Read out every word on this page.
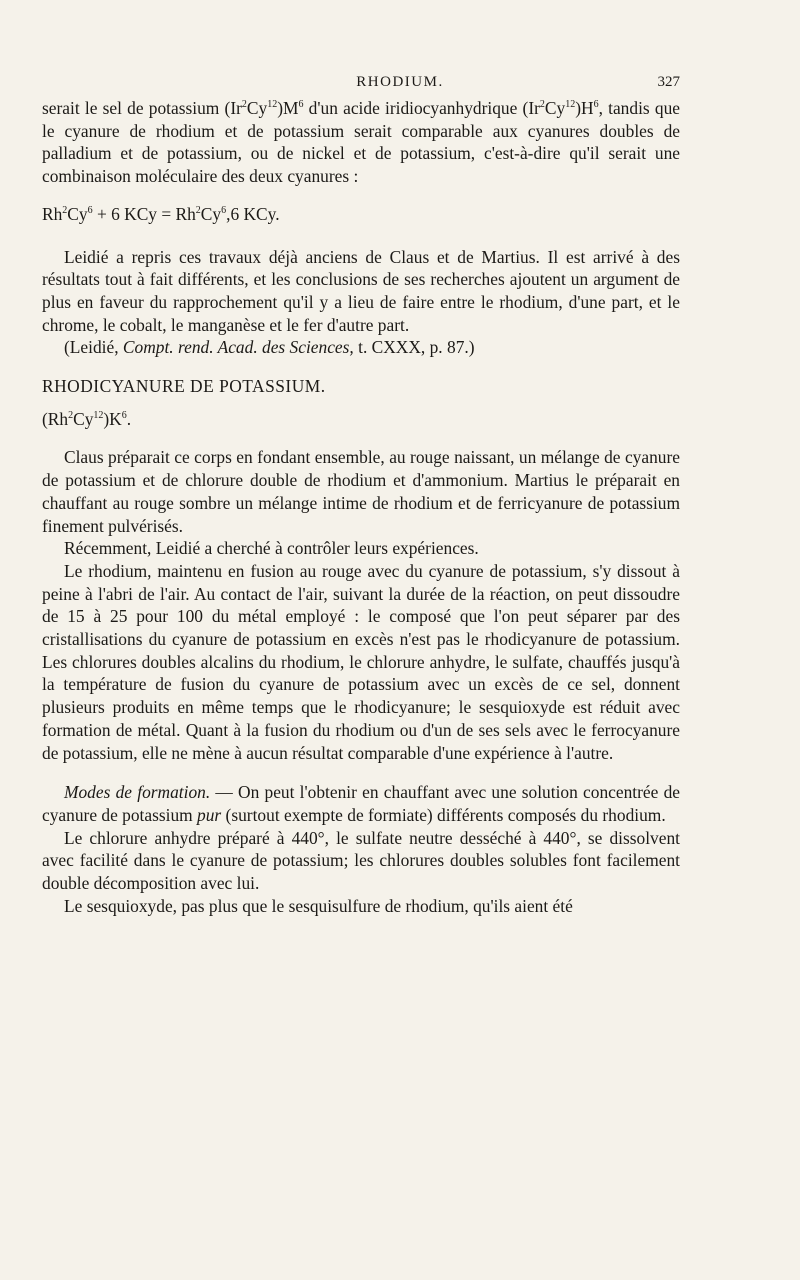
RHODIUM.	327

serait le sel de potassium $(Ir^2Cy^{12})M^6$ d'un acide iridiocyanhydrique $(Ir^2Cy^{12})H^6$, tandis que le cyanure de rhodium et de potassium serait comparable aux cyanures doubles de palladium et de potassium, ou de nickel et de potassium, c'est-à-dire qu'il serait une combinaison moléculaire des deux cyanures :

$Rh^2Cy^6 + 6$ KCy = $Rh^2Cy^6,6$ KCy.

Leidié a repris ces travaux déjà anciens de Claus et de Martius. Il est arrivé à des résultats tout à fait différents, et les conclusions de ses recherches ajoutent un argument de plus en faveur du rapprochement qu'il y a lieu de faire entre le rhodium, d'une part, et le chrome, le cobalt, le manganèse et le fer d'autre part.

(Leidié, Compt. rend. Acad. des Sciences, t. CXXX, p. 87.)

RHODICYANURE DE POTASSIUM.

$(Rh^2Cy^{12})K^6$.

Claus préparait ce corps en fondant ensemble, au rouge naissant, un mélange de cyanure de potassium et de chlorure double de rhodium et d'ammonium. Martius le préparait en chauffant au rouge sombre un mélange intime de rhodium et de ferricyanure de potassium finement pulvérisés.

Récemment, Leidié a cherché à contrôler leurs expériences.

Le rhodium, maintenu en fusion au rouge avec du cyanure de potassium, s'y dissout à peine à l'abri de l'air. Au contact de l'air, suivant la durée de la réaction, on peut dissoudre de 15 à 25 pour 100 du métal employé : le composé que l'on peut séparer par des cristallisations du cyanure de potassium en excès n'est pas le rhodicyanure de potassium. Les chlorures doubles alcalins du rhodium, le chlorure anhydre, le sulfate, chauffés jusqu'à la température de fusion du cyanure de potassium avec un excès de ce sel, donnent plusieurs produits en même temps que le rhodicyanure; le sesquioxyde est réduit avec formation de métal. Quant à la fusion du rhodium ou d'un de ses sels avec le ferrocyanure de potassium, elle ne mène à aucun résultat comparable d'une expérience à l'autre.

Modes de formation. — On peut l'obtenir en chauffant avec une solution concentrée de cyanure de potassium pur (surtout exempte de formiate) différents composés du rhodium.

Le chlorure anhydre préparé à 440°, le sulfate neutre desséché à 440°, se dissolvent avec facilité dans le cyanure de potassium; les chlorures doubles solubles font facilement double décomposition avec lui.

Le sesquioxyde, pas plus que le sesquisulfure de rhodium, qu'ils aient été
